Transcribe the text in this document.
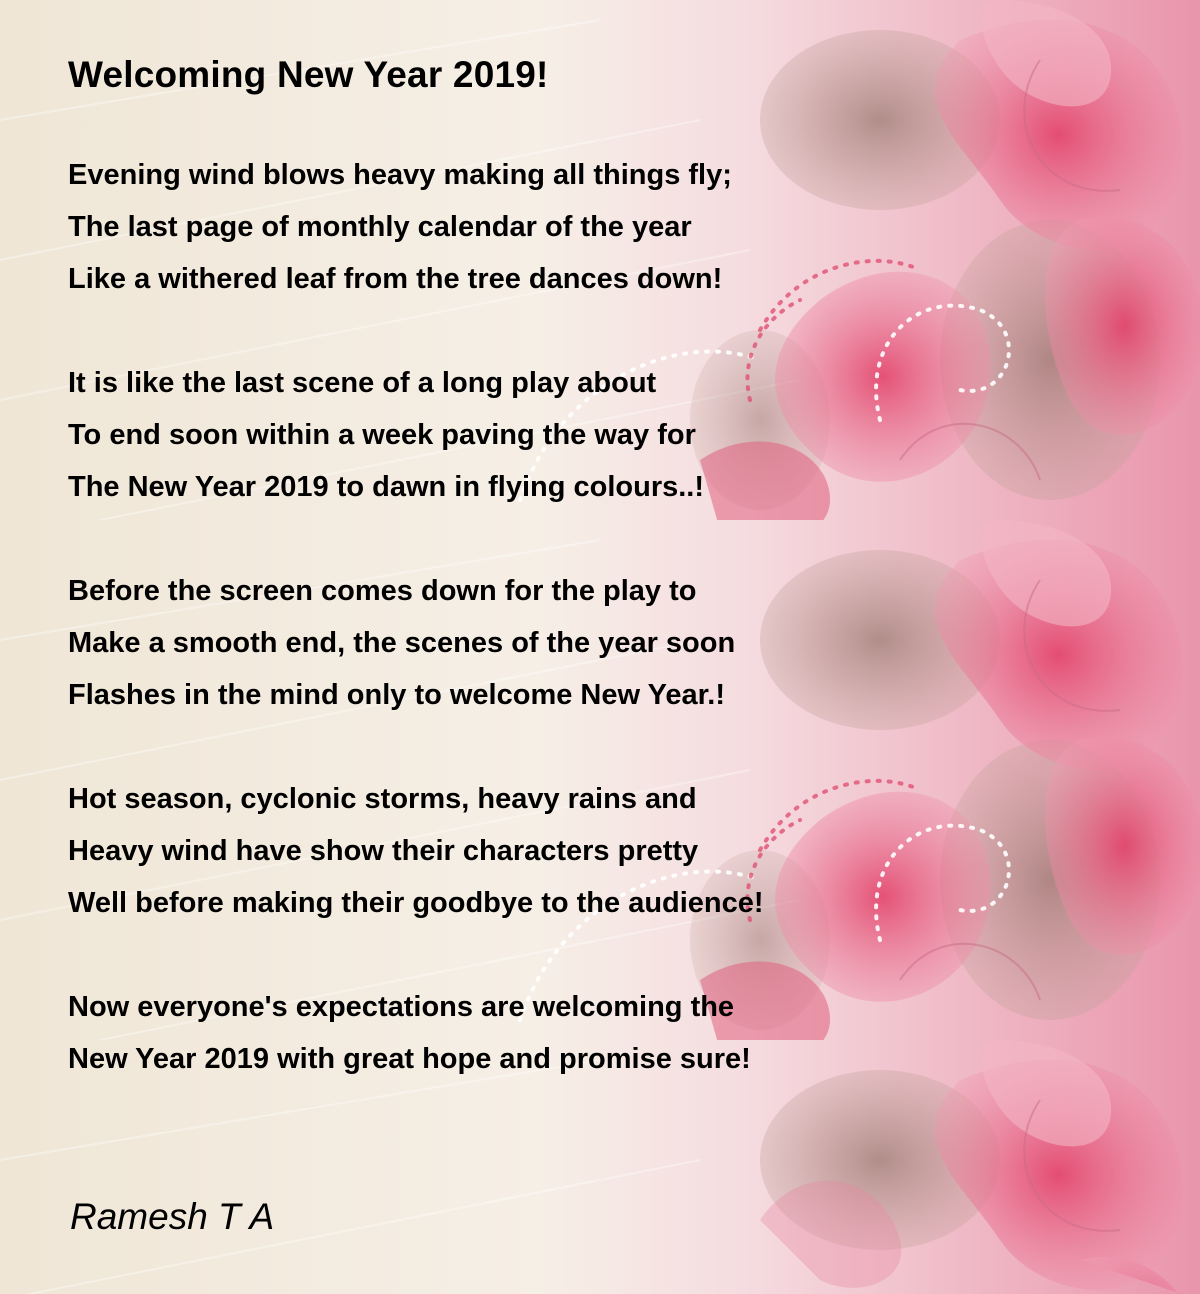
Welcoming New Year 2019!
Evening wind blows heavy making all things fly;
The last page of monthly calendar of the year
Like a withered leaf from the tree dances down!
It is like the last scene of a long play about
To end soon within a week paving the way for
The New Year 2019 to dawn in flying colours..!
Before the screen comes down for the play to
Make a smooth end, the scenes of the year soon
Flashes in the mind only to welcome New Year.!
Hot season, cyclonic storms, heavy rains and
Heavy wind have show their characters pretty
Well before making their goodbye to the audience!
Now everyone's expectations are welcoming the
New Year 2019 with great hope and promise sure!
Ramesh T A
